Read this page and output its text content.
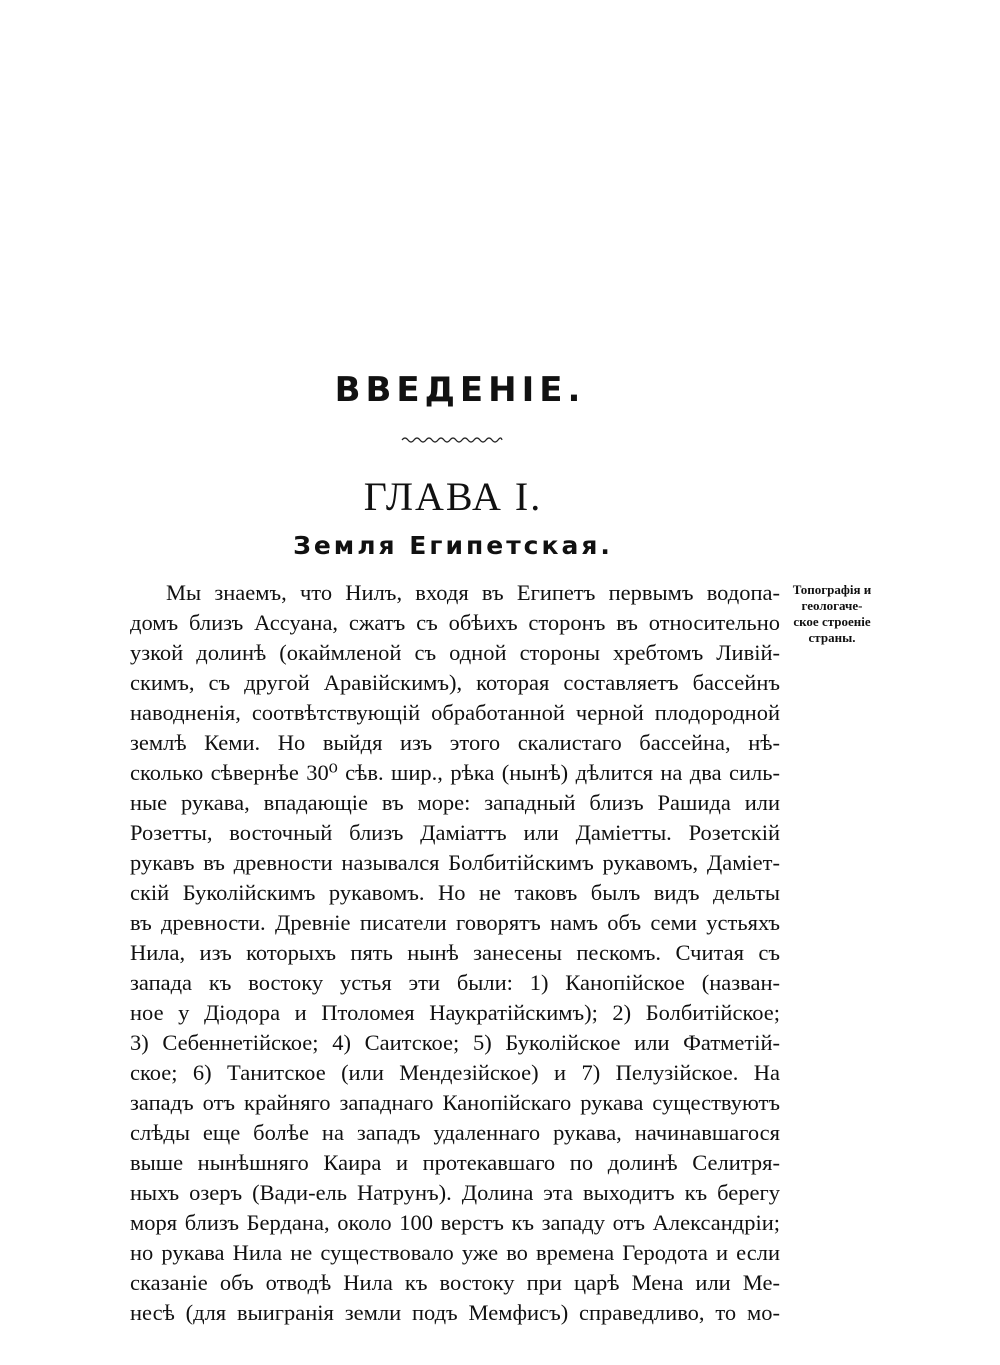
ВВЕДЕНІЕ.
ГЛАВА I.
Земля Египетская.
Топографія и
геологаче-
ское строеніе
страны.
Мы знаемъ, что Нилъ, входя въ Египетъ первымъ водопа-
домъ близъ Ассуана, сжатъ съ обѣихъ сторонъ въ относительно
узкой долинѣ (окаймленой съ одной стороны хребтомъ Ливій-
скимъ, съ другой Аравійскимъ), которая составляетъ бассейнъ
наводненія, соотвѣтствующій обработанной черной плодородной
землѣ Кеми. Но выйдя изъ этого скалистаго бассейна, нѣ-
сколько сѣвернѣе 30⁰ сѣв. шир., рѣка (нынѣ) дѣлится на два силь-
ные рукава, впадающіе въ море: западный близъ Рашида или
Розетты, восточный близъ Даміаттъ или Даміетты. Розетскій
рукавъ въ древности назывался Болбитійскимъ рукавомъ, Даміет-
скій Буколійскимъ рукавомъ. Но не таковъ былъ видъ дельты
въ древности. Древніе писатели говорятъ намъ объ семи устьяхъ
Нила, изъ которыхъ пять нынѣ занесены пескомъ. Считая съ
запада къ востоку устья эти были: 1) Канопійское (назван-
ное у Діодора и Птоломея Наукратійскимъ); 2) Болбитійское;
3) Себеннетійское; 4) Саитское; 5) Буколійское или Фатметій-
ское; 6) Танитское (или Мендезійское) и 7) Пелузійское. На
западъ отъ крайняго западнаго Канопійскаго рукава существуютъ
слѣды еще болѣе на западъ удаленнаго рукава, начинавшагося
выше нынѣшняго Каира и протекавшаго по долинѣ Селитря-
ныхъ озеръ (Вади-ель Натрунъ). Долина эта выходитъ къ берегу
моря близъ Бердана, около 100 верстъ къ западу отъ Александріи;
но рукава Нила не существовало уже во времена Геродота и если
сказаніе объ отводѣ Нила къ востоку при царѣ Мена или Ме-
несѣ (для выигранія земли подъ Мемфисъ) справедливо, то мо-
